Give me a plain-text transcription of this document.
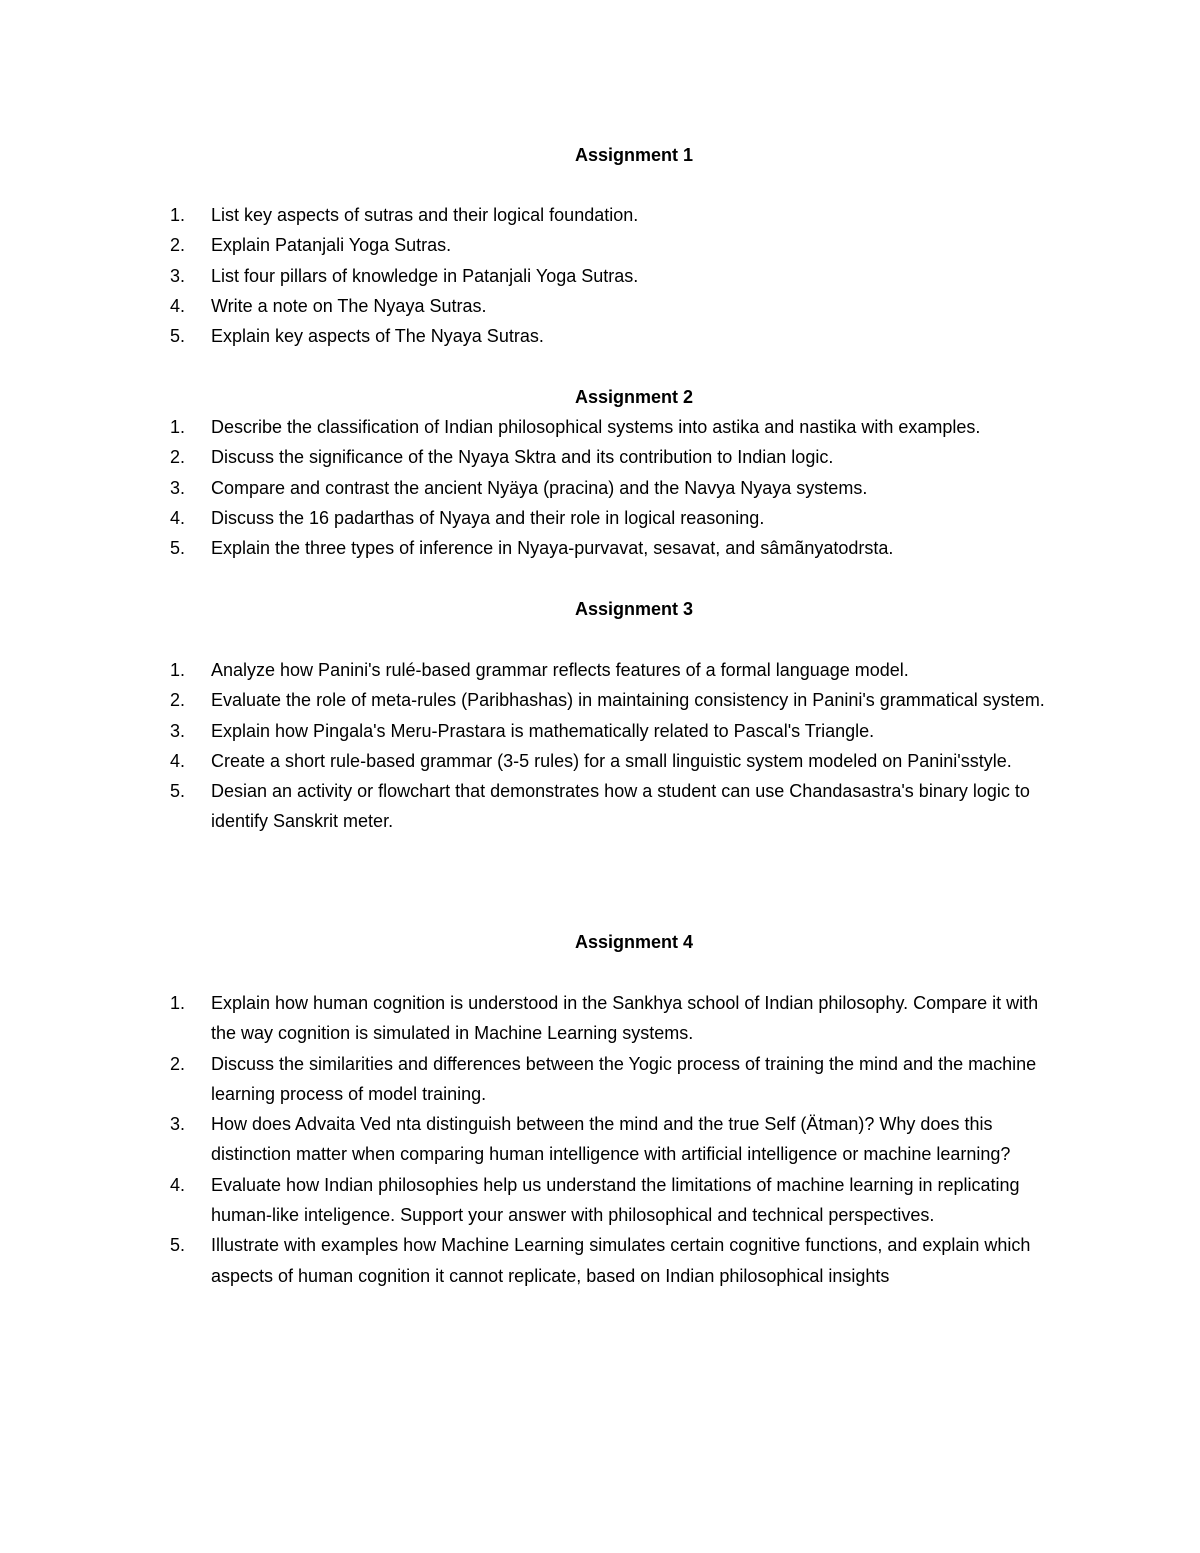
Assignment 1
1.	List key aspects of sutras and their logical foundation.
2.	Explain Patanjali Yoga Sutras.
3.	List four pillars of knowledge in Patanjali Yoga Sutras.
4.	Write a note on The Nyaya Sutras.
5.	Explain key aspects of The Nyaya Sutras.
Assignment 2
1.	Describe the classification of Indian philosophical systems into astika and nastika with examples.
2.	Discuss the significance of the Nyaya Sktra and its contribution to Indian logic.
3.	Compare and contrast the ancient Nyäya (pracina) and the Navya Nyaya systems.
4.	Discuss the 16 padarthas of Nyaya and their role in logical reasoning.
5.	Explain the three types of inference in Nyaya-purvavat, sesavat, and sâmãnyatodrsta.
Assignment 3
1.	Analyze how Panini's rulé-based grammar reflects features of a formal language model.
2.	Evaluate the role of meta-rules (Paribhashas) in maintaining consistency in Panini's grammatical system.
3.	Explain how Pingala's Meru-Prastara is mathematically related to Pascal's Triangle.
4.	Create a short rule-based grammar (3-5 rules) for a small linguistic system modeled on Panini'sstyle.
5.	Desian an activity or flowchart that demonstrates how a student can use Chandasastra's binary logic to identify Sanskrit meter.
Assignment 4
1.	Explain how human cognition is understood in the Sankhya school of Indian philosophy. Compare it with the way cognition is simulated in Machine Learning systems.
2.	Discuss the similarities and differences between the Yogic process of training the mind and the machine learning process of model training.
3.	How does Advaita Ved nta distinguish between the mind and the true Self (Ätman)? Why does this distinction matter when comparing human intelligence with artificial intelligence or machine learning?
4.	Evaluate how Indian philosophies help us understand the limitations of machine learning in replicating human-like inteligence. Support your answer with philosophical and technical perspectives.
5.	Illustrate with examples how Machine Learning simulates certain cognitive functions, and explain which aspects of human cognition it cannot replicate, based on Indian philosophical insights
